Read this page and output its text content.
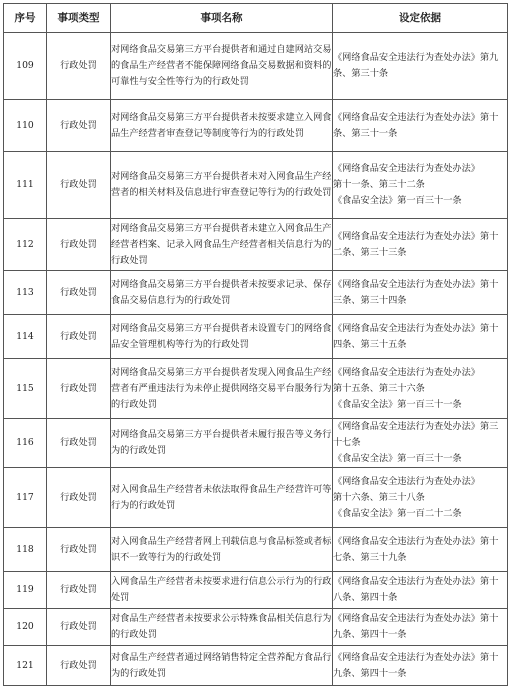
序号	事项类型	事项名称	设定依据
109	行政处罚	对网络食品交易第三方平台提供者和通过自建网站交易的食品生产经营者不能保障网络食品交易数据和资料的可靠性与安全性等行为的行政处罚	《网络食品安全违法行为查处办法》第九条、第三十条

110	行政处罚	对网络食品交易第三方平台提供者未按要求建立入网食品生产经营者审查登记等制度等行为的行政处罚	《网络食品安全违法行为查处办法》第十条、第三十一条

111	行政处罚	对网络食品交易第三方平台提供者未对入网食品生产经营者的相关材料及信息进行审查登记等行为的行政处罚	《网络食品安全违法行为查处办法》
第十一条、第三十二条
《食品安全法》第一百三十一条

112	行政处罚	对网络食品交易第三方平台提供者未建立入网食品生产经营者档案、记录入网食品生产经营者相关信息行为的行政处罚	《网络食品安全违法行为查处办法》第十二条、第三十三条

113	行政处罚	对网络食品交易第三方平台提供者未按要求记录、保存食品交易信息行为的行政处罚	《网络食品安全违法行为查处办法》第十三条、第三十四条

114	行政处罚	对网络食品交易第三方平台提供者未设置专门的网络食品安全管理机构等行为的行政处罚	《网络食品安全违法行为查处办法》第十四条、第三十五条

115	行政处罚	对网络食品交易第三方平台提供者发现入网食品生产经营者有严重违法行为未停止提供网络交易平台服务行为的行政处罚	《网络食品安全违法行为查处办法》
第十五条、第三十六条
《食品安全法》第一百三十一条

116	行政处罚	对网络食品交易第三方平台提供者未履行报告等义务行为的行政处罚	《网络食品安全违法行为查处办法》第三十七条
《食品安全法》第一百三十一条

117	行政处罚	对入网食品生产经营者未依法取得食品生产经营许可等行为的行政处罚	《网络食品安全违法行为查处办法》
第十六条、第三十八条
《食品安全法》第一百二十二条

118	行政处罚	对入网食品生产经营者网上刊载信息与食品标签或者标识不一致等行为的行政处罚	《网络食品安全违法行为查处办法》第十七条、第三十九条

119	行政处罚	入网食品生产经营者未按要求进行信息公示行为的行政处罚	《网络食品安全违法行为查处办法》第十八条、第四十条

120	行政处罚	对食品生产经营者未按要求公示特殊食品相关信息行为的行政处罚	《网络食品安全违法行为查处办法》第十九条、第四十一条

121	行政处罚	对食品生产经营者通过网络销售特定全营养配方食品行为的行政处罚	《网络食品安全违法行为查处办法》第十九条、第四十一条
